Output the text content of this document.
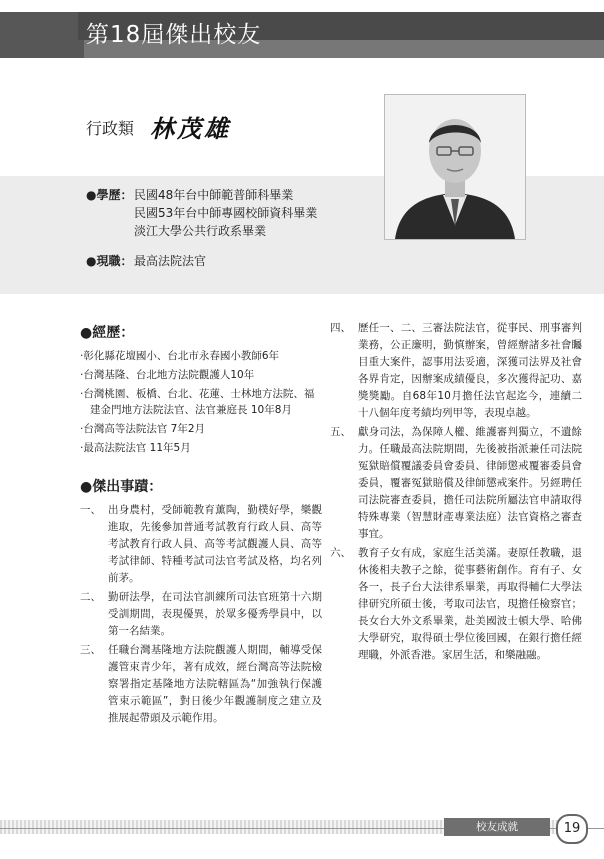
第18屆傑出校友
行政類 林茂雄
●學歷： 民國48年台中師範普師科畢業
民國53年台中師專國校師資科畢業
淡江大學公共行政系畢業
●現職： 最高法院法官
●經歷：
‧彰化縣花壇國小、台北市永春國小教師6年
‧台灣基隆、台北地方法院觀護人10年
‧台灣桃園、板橋、台北、花蓮、士林地方法院、福建金門地方法院法官、法官兼庭長 10年8月
‧台灣高等法院法官 7年2月
‧最高法院法官 11年5月
●傑出事蹟：
一、 出身農村，受師範教育薰陶，勤樸好學，樂觀進取，先後參加普通考試教育行政人員、高等考試教育行政人員、高等考試觀護人員、高等考試律師、特種考試司法官考試及格，均名列前茅。
二、 勤研法學，在司法官訓練所司法官班第十六期受訓期間，表現優異，於眾多優秀學員中，以第一名結業。
三、 任職台灣基隆地方法院觀護人期間，輔導受保護管束青少年，著有成效，經台灣高等法院檢察署指定基隆地方法院轄區為“加強執行保護管束示範區”，對日後少年觀護制度之建立及推展起帶頭及示範作用。
四、 歷任一、二、三審法院法官，從事民、刑事審判業務，公正廉明，勤慎辦案，曾經辦諸多社會矚目重大案件，認事用法妥適，深獲司法界及社會各界肯定，因辦案成績優良，多次獲得記功、嘉獎獎勵。自68年10月擔任法官起迄今，連續二十八個年度考績均列甲等，表現卓越。
五、 獻身司法，為保障人權、維護審判獨立，不遺餘力。任職最高法院期間，先後被指派兼任司法院冤獄賠償覆議委員會委員、律師懲戒覆審委員會委員，覆審冤獄賠償及律師懲戒案件。另經聘任司法院審查委員，擔任司法院所屬法官申請取得特殊專業（智慧財產專業法庭）法官資格之審查事宜。
六、 教育子女有成，家庭生活美滿。妻原任教職，退休後相夫教子之餘，從事藝術創作。育有子、女各一，長子台大法律系畢業，再取得輔仁大學法律研究所碩士後，考取司法官，現擔任檢察官；長女台大外文系畢業，赴美國波士頓大學、哈佛大學研究，取得碩士學位後回國，在銀行擔任經理職，外派香港。家居生活，和樂融融。
校友成就	19
